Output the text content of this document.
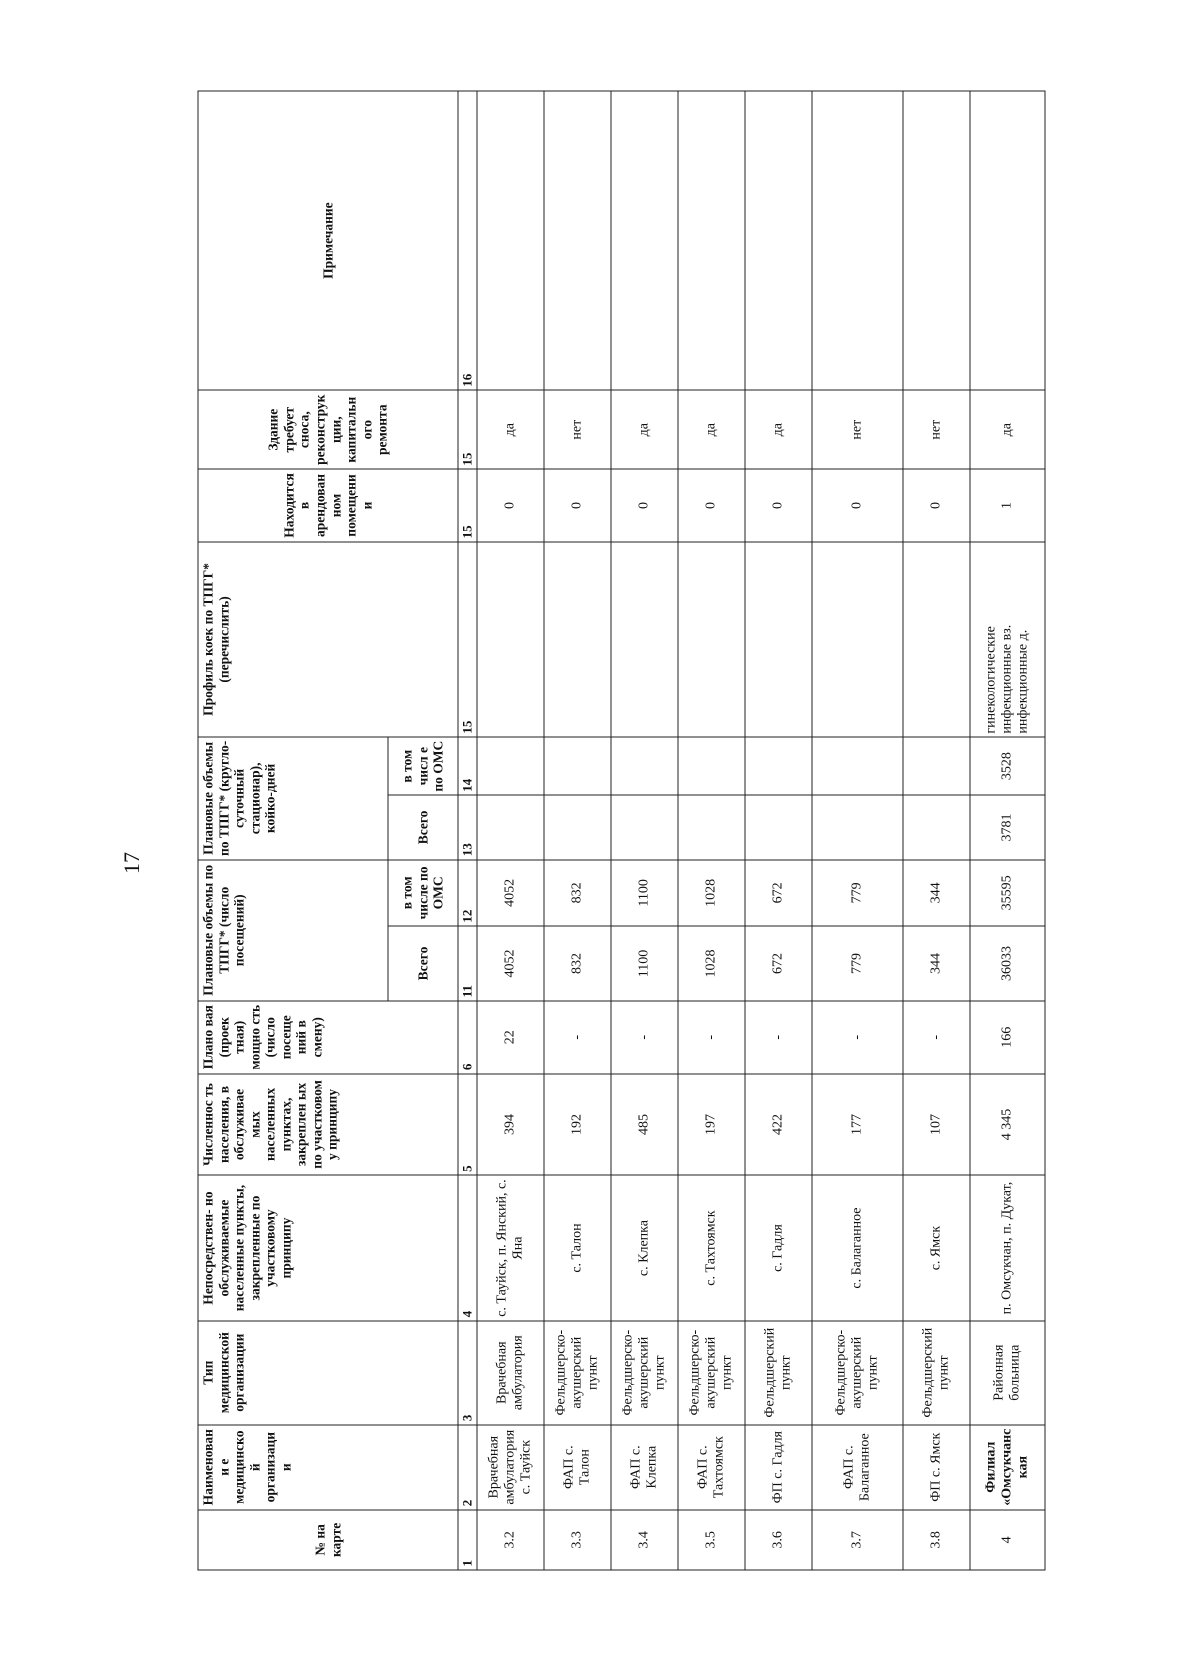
17
№ на карте	Наименовани е медицинской организации	Тип медицинской организации	Непосредствен- но обслуживаемые населенные пункты, закрепленные по участковому принципу	Численнос ть населения, в обслуживае мых населенных пунктах, закреплен ых по участковом у принципу	Плано вая (проек тная) мощно сть (число посеще ний в смену)	Плановые объемы по ТПГГ* (число посещений)		Плановые объемы по ТПГГ* (кругло- суточный стационар), койко-дней		Профиль коек по ТПГГ* (перечислить)	Находится в арендованном помещении	Здание требует сноса, реконструкции, капитального ремонта	Примечание
						Всего	в том числе по ОМС	Всего	в том числ е по ОМС				
1	2	3	4	5	6	11	12	13	14	15	15	15	16
3.2	Врачебная амбулатория с. Тауйск	Врачебная амбулатория	с. Тауйск, п. Янский, с. Яна	394	22	4052	4052				0	да	
3.3	ФАП с. Талон	Фельдшерско-акушерский пункт	с. Талон	192	-	832	832				0	нет	
3.4	ФАП с. Клепка	Фельдшерско-акушерский пункт	с. Клепка	485	-	1100	1100				0	да	
3.5	ФАП с. Тахтоямск	Фельдшерско-акушерский пункт	с. Тахтоямск	197	-	1028	1028				0	да	
3.6	ФП с. Гадля	Фельдшерский пункт	с. Гадля	422	-	672	672				0	да	
3.7	ФАП с. Балаганное	Фельдшерско-акушерский пункт	с. Балаганное	177	-	779	779				0	нет	
3.8	ФП с. Ямск	Фельдшерский пункт	с. Ямск	107	-	344	344				0	нет	
4	Филиал «Омсукчанская	Районная больница	п. Омсукчан, п. Дукат,	4 345	166	36033	35595	3781	3528	гинекологические инфекционные вз. инфекционные д.	1	да	
